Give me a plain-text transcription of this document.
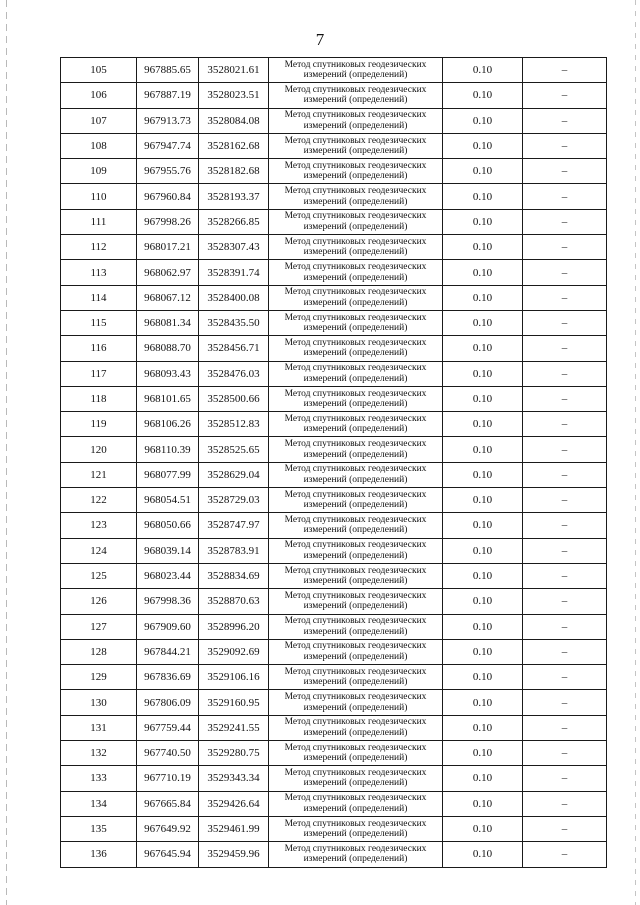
7
105	967885.65	3528021.61	Метод спутниковых геодезических
измерений (определений)	0.10	–
106	967887.19	3528023.51	Метод спутниковых геодезических
измерений (определений)	0.10	–
107	967913.73	3528084.08	Метод спутниковых геодезических
измерений (определений)	0.10	–
108	967947.74	3528162.68	Метод спутниковых геодезических
измерений (определений)	0.10	–
109	967955.76	3528182.68	Метод спутниковых геодезических
измерений (определений)	0.10	–
110	967960.84	3528193.37	Метод спутниковых геодезических
измерений (определений)	0.10	–
111	967998.26	3528266.85	Метод спутниковых геодезических
измерений (определений)	0.10	–
112	968017.21	3528307.43	Метод спутниковых геодезических
измерений (определений)	0.10	–
113	968062.97	3528391.74	Метод спутниковых геодезических
измерений (определений)	0.10	–
114	968067.12	3528400.08	Метод спутниковых геодезических
измерений (определений)	0.10	–
115	968081.34	3528435.50	Метод спутниковых геодезических
измерений (определений)	0.10	–
116	968088.70	3528456.71	Метод спутниковых геодезических
измерений (определений)	0.10	–
117	968093.43	3528476.03	Метод спутниковых геодезических
измерений (определений)	0.10	–
118	968101.65	3528500.66	Метод спутниковых геодезических
измерений (определений)	0.10	–
119	968106.26	3528512.83	Метод спутниковых геодезических
измерений (определений)	0.10	–
120	968110.39	3528525.65	Метод спутниковых геодезических
измерений (определений)	0.10	–
121	968077.99	3528629.04	Метод спутниковых геодезических
измерений (определений)	0.10	–
122	968054.51	3528729.03	Метод спутниковых геодезических
измерений (определений)	0.10	–
123	968050.66	3528747.97	Метод спутниковых геодезических
измерений (определений)	0.10	–
124	968039.14	3528783.91	Метод спутниковых геодезических
измерений (определений)	0.10	–
125	968023.44	3528834.69	Метод спутниковых геодезических
измерений (определений)	0.10	–
126	967998.36	3528870.63	Метод спутниковых геодезических
измерений (определений)	0.10	–
127	967909.60	3528996.20	Метод спутниковых геодезических
измерений (определений)	0.10	–
128	967844.21	3529092.69	Метод спутниковых геодезических
измерений (определений)	0.10	–
129	967836.69	3529106.16	Метод спутниковых геодезических
измерений (определений)	0.10	–
130	967806.09	3529160.95	Метод спутниковых геодезических
измерений (определений)	0.10	–
131	967759.44	3529241.55	Метод спутниковых геодезических
измерений (определений)	0.10	–
132	967740.50	3529280.75	Метод спутниковых геодезических
измерений (определений)	0.10	–
133	967710.19	3529343.34	Метод спутниковых геодезических
измерений (определений)	0.10	–
134	967665.84	3529426.64	Метод спутниковых геодезических
измерений (определений)	0.10	–
135	967649.92	3529461.99	Метод спутниковых геодезических
измерений (определений)	0.10	–
136	967645.94	3529459.96	Метод спутниковых геодезических
измерений (определений)	0.10	–
